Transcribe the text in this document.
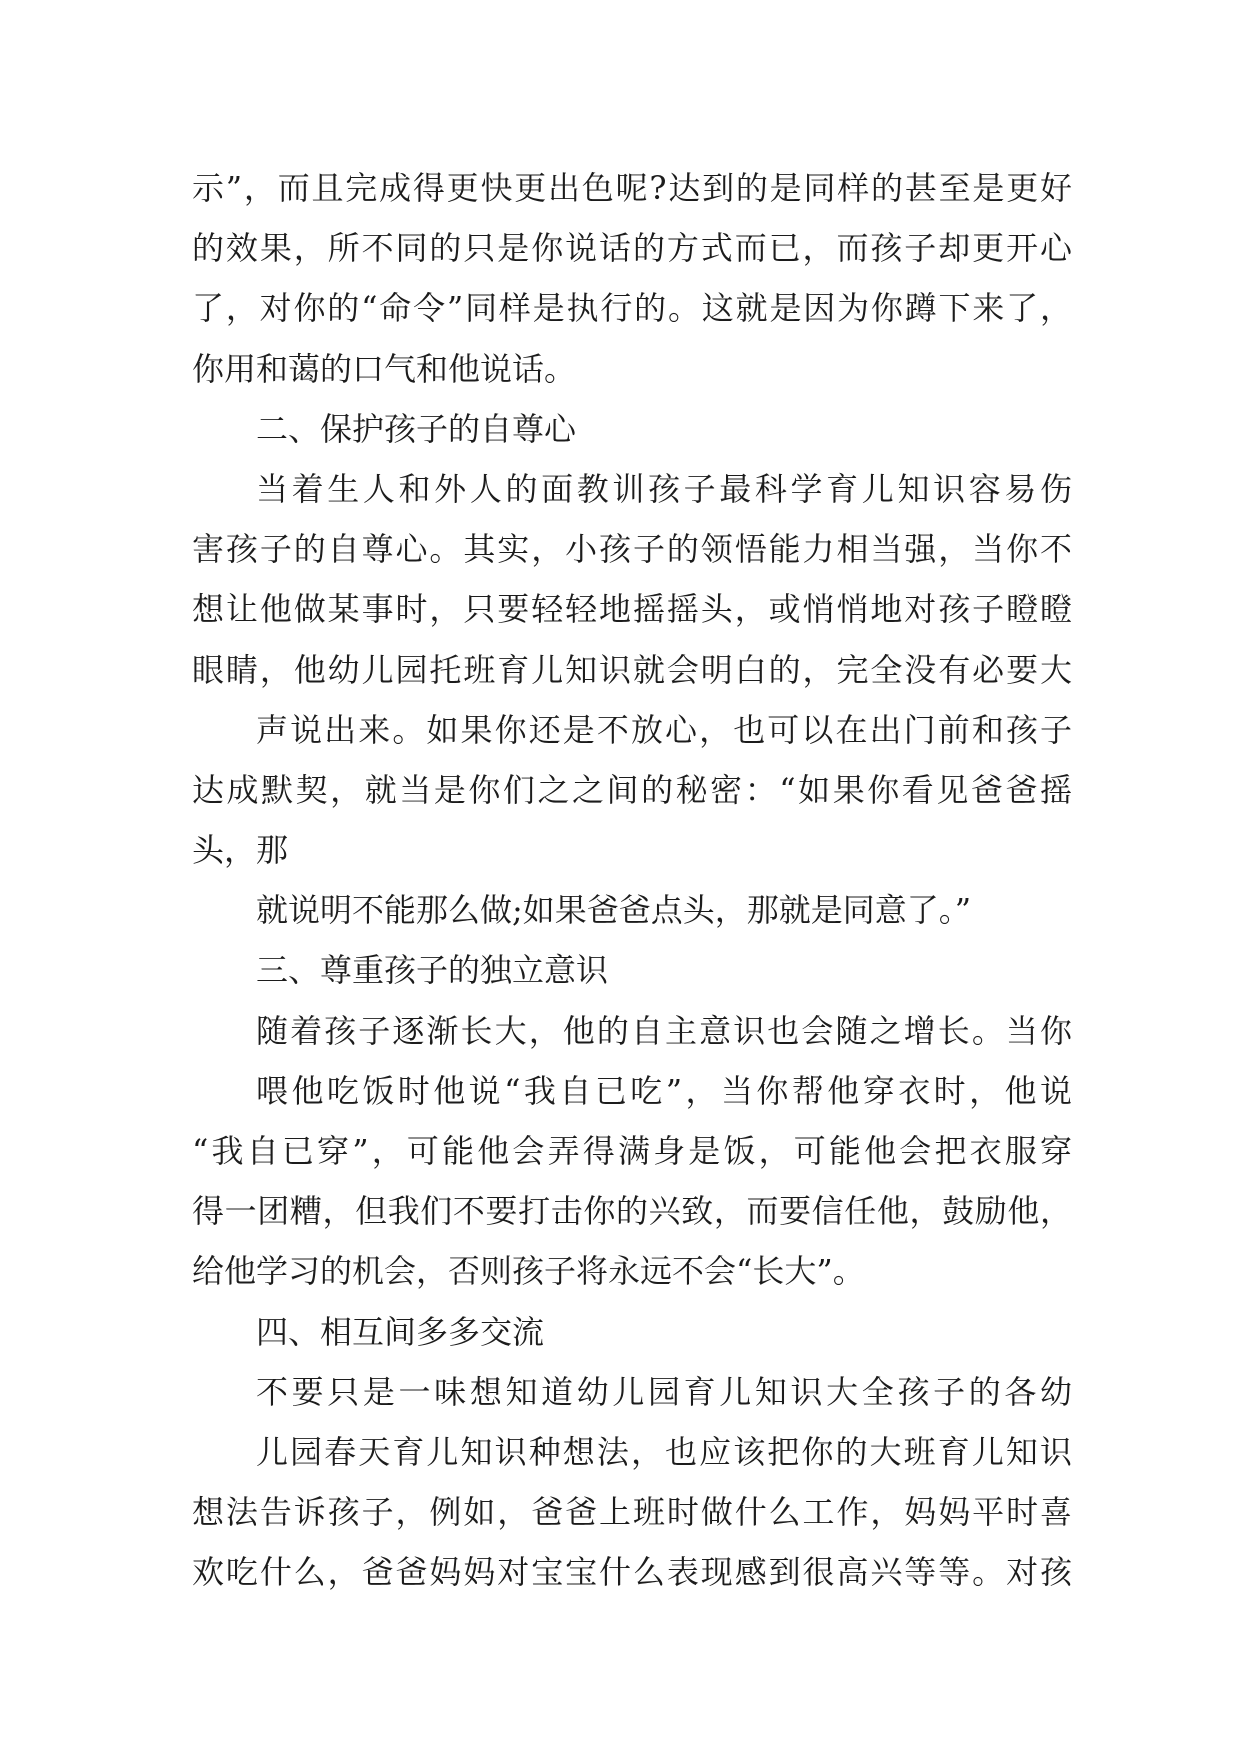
示”，而且完成得更快更出色呢?达到的是同样的甚至是更好
的效果，所不同的只是你说话的方式而已，而孩子却更开心
了，对你的“命令”同样是执行的。这就是因为你蹲下来了，
你用和蔼的口气和他说话。
二、保护孩子的自尊心
当着生人和外人的面教训孩子最科学育儿知识容易伤
害孩子的自尊心。其实，小孩子的领悟能力相当强，当你不
想让他做某事时，只要轻轻地摇摇头，或悄悄地对孩子瞪瞪
眼睛，他幼儿园托班育儿知识就会明白的，完全没有必要大
声说出来。如果你还是不放心，也可以在出门前和孩子
达成默契，就当是你们之之间的秘密：“如果你看见爸爸摇
头，那
就说明不能那么做;如果爸爸点头，那就是同意了。”
三、尊重孩子的独立意识
随着孩子逐渐长大，他的自主意识也会随之增长。当你
喂他吃饭时他说“我自已吃”，当你帮他穿衣时，他说
“我自已穿”，可能他会弄得满身是饭，可能他会把衣服穿
得一团糟，但我们不要打击你的兴致，而要信任他，鼓励他，
给他学习的机会，否则孩子将永远不会“长大”。
四、相互间多多交流
不要只是一味想知道幼儿园育儿知识大全孩子的各幼
儿园春天育儿知识种想法，也应该把你的大班育儿知识
想法告诉孩子，例如，爸爸上班时做什么工作，妈妈平时喜
欢吃什么，爸爸妈妈对宝宝什么表现感到很高兴等等。对孩
